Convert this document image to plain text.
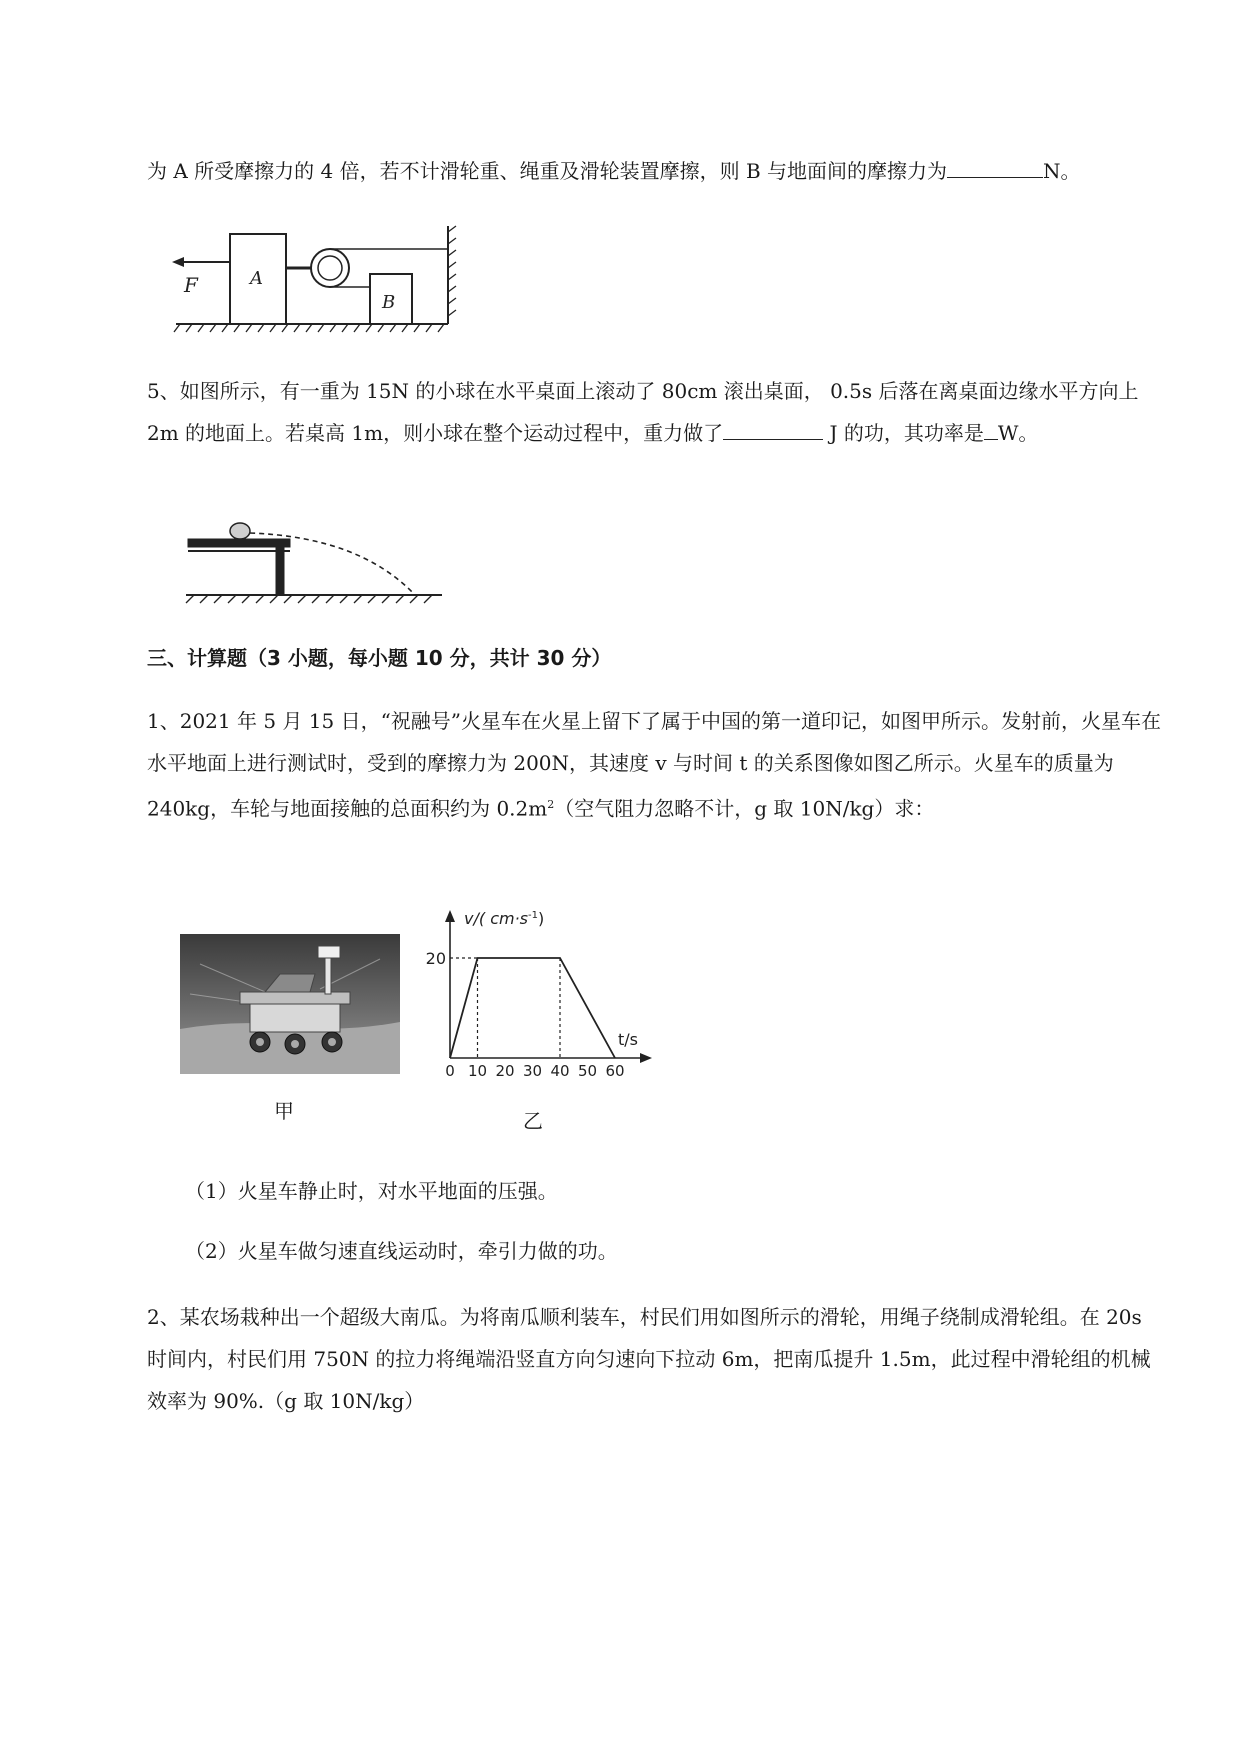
为 A 所受摩擦力的 4 倍，若不计滑轮重、绳重及滑轮装置摩擦，则 B 与地面间的摩擦力为	N。

F	A
B

5、如图所示，有一重为 15N 的小球在水平桌面上滚动了 80cm 滚出桌面， 0.5s 后落在离桌面边缘水平方向上 2m 的地面上。若桌高 1m，则小球在整个运动过程中，重力做了	J 的功，其功率是 W。

三、计算题（3 小题，每小题 10 分，共计 30 分）

1、2021 年 5 月 15 日，“祝融号”火星车在火星上留下了属于中国的第一道印记，如图甲所示。发射前，火星车在水平地面上进行测试时，受到的摩擦力为 200N，其速度 v 与时间 t 的关系图像如图乙所示。火星车的质量为 240kg，车轮与地面接触的总面积约为 $0.2m^2$（空气阻力忽略不计，g 取 10N/kg）求：

甲
v/( $cm\cdot s^{-1}$)
t/s
0 10 20 30 40 50 60
20
乙

（1）火星车静止时，对水平地面的压强。

（2）火星车做匀速直线运动时，牵引力做的功。

2、某农场栽种出一个超级大南瓜。为将南瓜顺利装车，村民们用如图所示的滑轮，用绳子绕制成滑轮组。在 20s 时间内，村民们用 750N 的拉力将绳端沿竖直方向匀速向下拉动 6m，把南瓜提升 1.5m，此过程中滑轮组的机械效率为 90%.（g 取 10N/kg）
